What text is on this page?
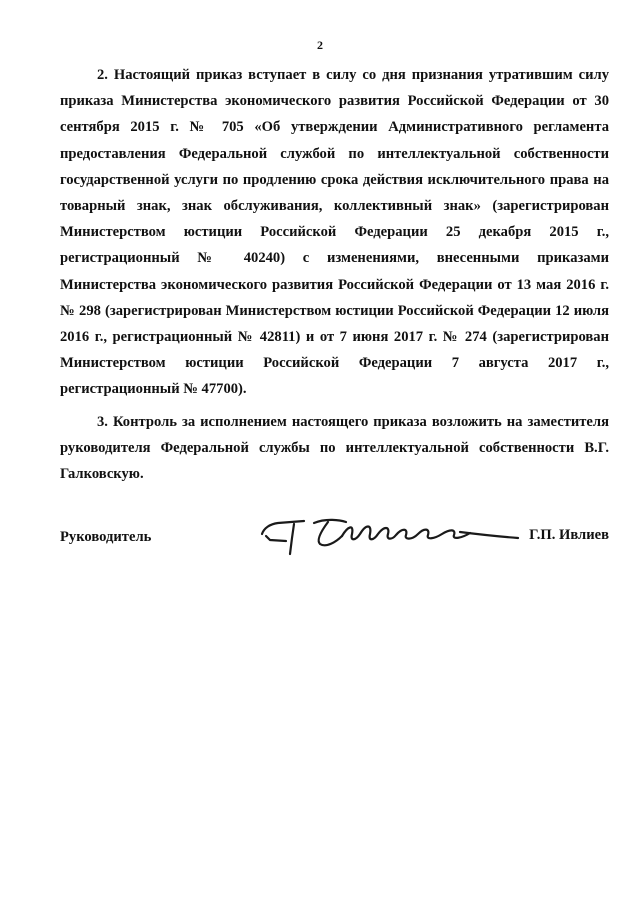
2

2. Настоящий приказ вступает в силу со дня признания утратившим силу приказа Министерства экономического развития Российской Федерации от 30 сентября 2015 г. № 705 «Об утверждении Административного регламента предоставления Федеральной службой по интеллектуальной собственности государственной услуги по продлению срока действия исключительного права на товарный знак, знак обслуживания, коллективный знак» (зарегистрирован Министерством юстиции Российской Федерации 25 декабря 2015 г., регистрационный № 40240) с изменениями, внесенными приказами Министерства экономического развития Российской Федерации от 13 мая 2016 г. № 298 (зарегистрирован Министерством юстиции Российской Федерации 12 июля 2016 г., регистрационный № 42811) и от 7 июня 2017 г. № 274 (зарегистрирован Министерством юстиции Российской Федерации 7 августа 2017 г., регистрационный № 47700).

3. Контроль за исполнением настоящего приказа возложить на заместителя руководителя Федеральной службы по интеллектуальной собственности В.Г. Галковскую.

Руководитель	Г.П. Ивлиев
